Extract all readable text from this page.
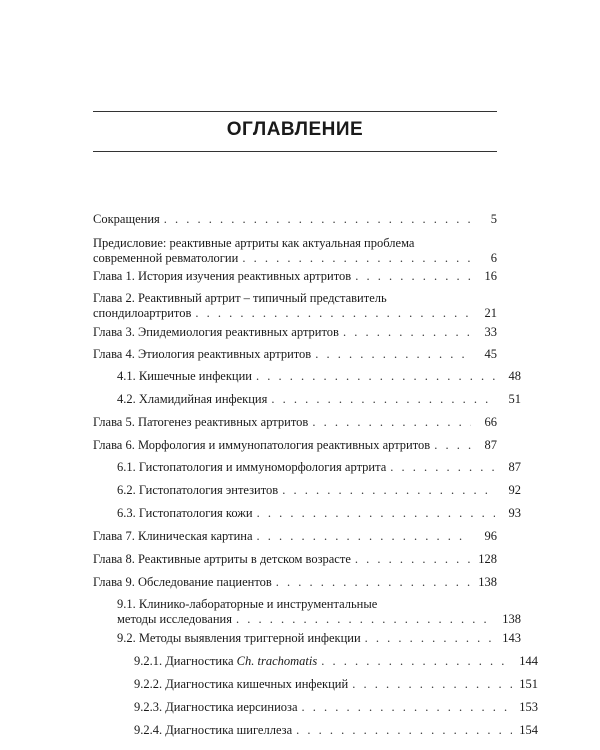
ОГЛАВЛЕНИЕ
Сокращения . . .	5
Предисловие: реактивные артриты как актуальная проблема
современной ревматологии . . .	6
Глава 1. История изучения реактивных артритов . . .	16
Глава 2. Реактивный артрит – типичный представитель
спондилоартритов . . .	21
Глава 3. Эпидемиология реактивных артритов . . .	33
Глава 4. Этиология реактивных артритов . . .	45
4.1. Кишечные инфекции . . .	48
4.2. Хламидийная инфекция . . .	51
Глава 5. Патогенез реактивных артритов . . .	66
Глава 6. Морфология и иммунопатология реактивных артритов . . .	87
6.1. Гистопатология и иммуноморфология артрита . . .	87
6.2. Гистопатология энтезитов . . .	92
6.3. Гистопатология кожи . . .	93
Глава 7. Клиническая картина . . .	96
Глава 8. Реактивные артриты в детском возрасте . . .	128
Глава 9. Обследование пациентов . . .	138
9.1. Клинико-лабораторные и инструментальные
методы исследования . . .	138
9.2. Методы выявления триггерной инфекции . . .	143
9.2.1. Диагностика Ch. trachomatis . . .	144
9.2.2. Диагностика кишечных инфекций . . .	151
9.2.3. Диагностика иерсиниоза . . .	153
9.2.4. Диагностика шигеллеза . . .	154
